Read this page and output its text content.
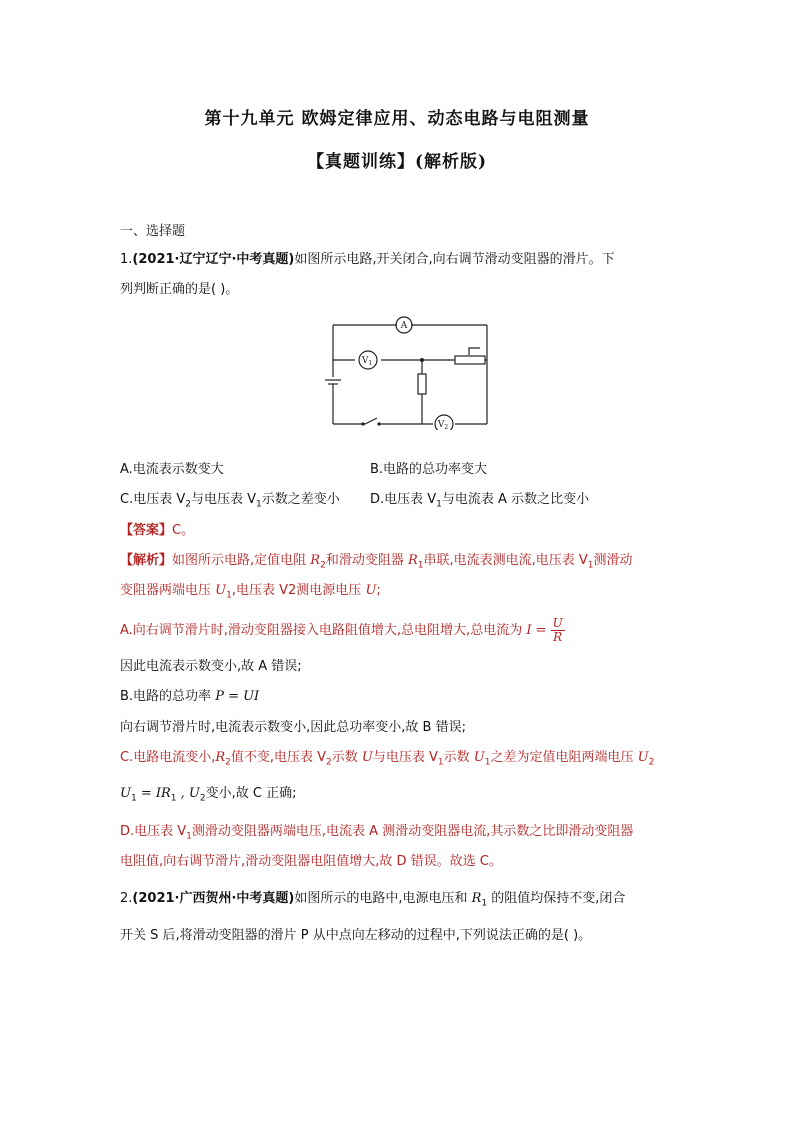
第十九单元 欧姆定律应用、动态电路与电阻测量
【真题训练】(解析版)
一、选择题
1.(2021·辽宁辽宁·中考真题)如图所示电路,开关闭合,向右调节滑动变阻器的滑片。下
列判断正确的是( )。
A
$V_1$
$V_2$
A.电流表示数变大	B.电路的总功率变大
C.电压表 $V_2$与电压表 $V_1$示数之差变小 D.电压表 $V_1$与电流表 A 示数之比变小
【答案】C。
【解析】如图所示电路,定值电阻 $R_2$和滑动变阻器 $R_1$串联,电流表测电流,电压表 $V_1$测滑动
变阻器两端电压 $U_1$,电压表 V2测电源电压 U;
A.向右调节滑片时,滑动变阻器接入电路阻值增大,总电阻增大,总电流为 $I = \frac{U}{R}$
因此电流表示数变小,故 A 错误;
B.电路的总功率 P = UI
向右调节滑片时,电流表示数变小,因此总功率变小,故 B 错误;
C.电路电流变小$,R_2$值不变,电压表 $V_2$示数 U与电压表 $V_1$示数 $U_1$之差为定值电阻两端电压 $U_2$
$U_1 = IR_1$ , $U_2$变小,故 C 正确;
D.电压表 $V_1$测滑动变阻器两端电压,电流表 A 测滑动变阻器电流,其示数之比即滑动变阻器
电阻值,向右调节滑片,滑动变阻器电阻值增大,故 D 错误。故选 C。
2.(2021·广西贺州·中考真题)如图所示的电路中,电源电压和 $R_1$ 的阻值均保持不变,闭合
开关 S 后,将滑动变阻器的滑片 P 从中点向左移动的过程中,下列说法正确的是( )。
